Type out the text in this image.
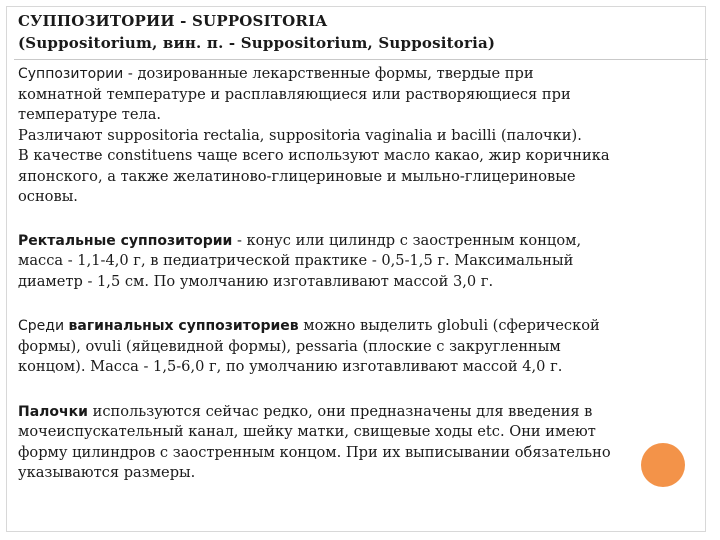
СУППОЗИТОРИИ - SUPPOSITORIA
(Suppositorium, вин. п. - Suppositorium, Suppositoria)
Суппозитории - дозированные лекарственные формы, твердые при
комнатной температуре и расплавляющиеся или растворяющиеся при
температуре тела.
Различают suppositoria rectalia, suppositoria vaginalia и bacilli (палочки).
В качестве constituens чаще всего используют масло какао, жир коричника
японского, а также желатиново-глицериновые и мыльно-глицериновые
основы.
Ректальные суппозитории - конус или цилиндр с заостренным концом,
масса - 1,1-4,0 г, в педиатрической практике - 0,5-1,5 г. Максимальный
диаметр - 1,5 см. По умолчанию изготавливают массой 3,0 г.
Среди вагинальных суппозиториев можно выделить globuli (сферической
формы), ovuli (яйцевидной формы), pessaria (плоские с закругленным
концом). Масса - 1,5-6,0 г, по умолчанию изготавливают массой 4,0 г.
Палочки используются сейчас редко, они предназначены для введения в
мочеиспускательный канал, шейку матки, свищевые ходы etc. Они имеют
форму цилиндров с заостренным концом. При их выписывании обязательно
указываются размеры.
